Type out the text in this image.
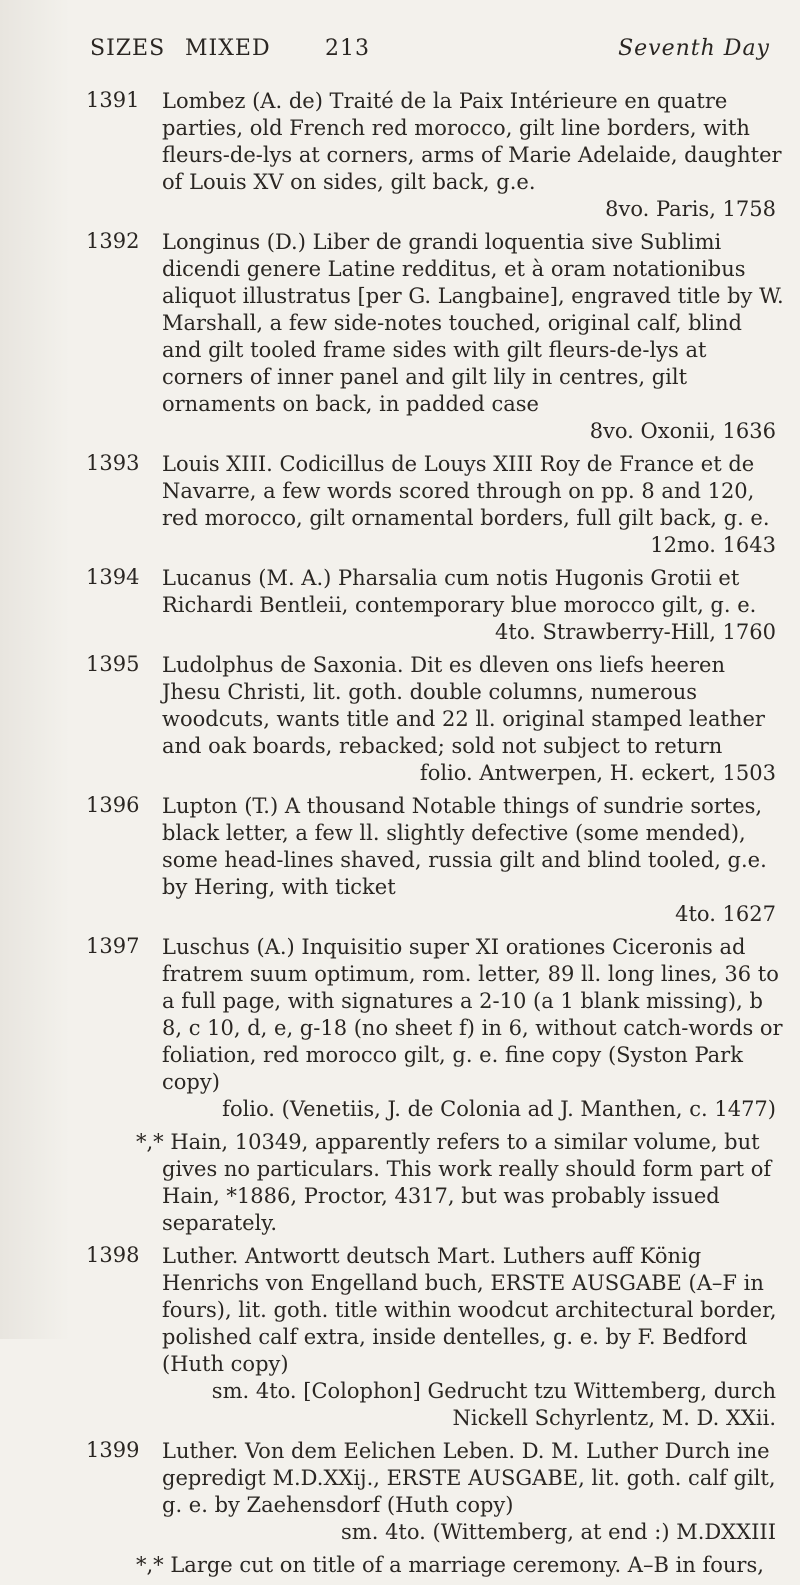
SIZES MIXED 213	Seventh Day
1391 Lombez (A. de) Traité de la Paix Intérieure en quatre parties, old French red morocco, gilt line borders, with fleurs-de-lys at corners, arms of Marie Adelaide, daughter of Louis XV on sides, gilt back, g.e.

8vo. Paris, 1758
1392 Longinus (D.) Liber de grandi loquentia sive Sublimi dicendi genere Latine redditus, et à oram notationibus aliquot illustratus [per G. Langbaine], engraved title by W. Marshall, a few side-notes touched, original calf, blind and gilt tooled frame sides with gilt fleurs-de-lys at corners of inner panel and gilt lily in centres, gilt ornaments on back, in padded case

8vo. Oxonii, 1636
1393 Louis XIII. Codicillus de Louys XIII Roy de France et de Navarre, a few words scored through on pp. 8 and 120, red morocco, gilt ornamental borders, full gilt back, g. e.

12mo. 1643
1394 Lucanus (M. A.) Pharsalia cum notis Hugonis Grotii et Richardi Bentleii, contemporary blue morocco gilt, g. e.

4to. Strawberry-Hill, 1760
1395 Ludolphus de Saxonia. Dit es dleven ons liefs heeren Jhesu Christi, lit. goth. double columns, numerous woodcuts, wants title and 22 ll. original stamped leather and oak boards, rebacked; sold not subject to return

folio. Antwerpen, H. eckert, 1503
1396 Lupton (T.) A thousand Notable things of sundrie sortes, black letter, a few ll. slightly defective (some mended), some head-lines shaved, russia gilt and blind tooled, g.e. by Hering, with ticket

4to. 1627
1397 Luschus (A.) Inquisitio super XI orationes Ciceronis ad fratrem suum optimum, rom. letter, 89 ll. long lines, 36 to a full page, with signatures a 2-10 (a 1 blank missing), b 8, c 10, d, e, g-18 (no sheet f) in 6, without catch-words or foliation, red morocco gilt, g. e. fine copy (Syston Park copy)

folio. (Venetiis, J. de Colonia ad J. Manthen, c. 1477)

*,* Hain, 10349, apparently refers to a similar volume, but gives no particulars. This work really should form part of Hain, *1886, Proctor, 4317, but was probably issued separately.

1398 Luther. Antwortt deutsch Mart. Luthers auff König Henrichs von Engelland buch, ERSTE AUSGABE (A–F in fours), lit. goth. title within woodcut architectural border, polished calf extra, inside dentelles, g. e. by F. Bedford (Huth copy)

sm. 4to. [Colophon] Gedrucht tzu Wittemberg, durch Nickell Schyrlentz, M. D. XXii.
1399 Luther. Von dem Eelichen Leben. D. M. Luther Durch ine gepredigt M.D.XXij., ERSTE AUSGABE, lit. goth. calf gilt, g. e. by Zaehensdorf (Huth copy)

sm. 4to. (Wittemberg, at end :) M.DXXIII

*,* Large cut on title of a marriage ceremony. A–B in fours,
